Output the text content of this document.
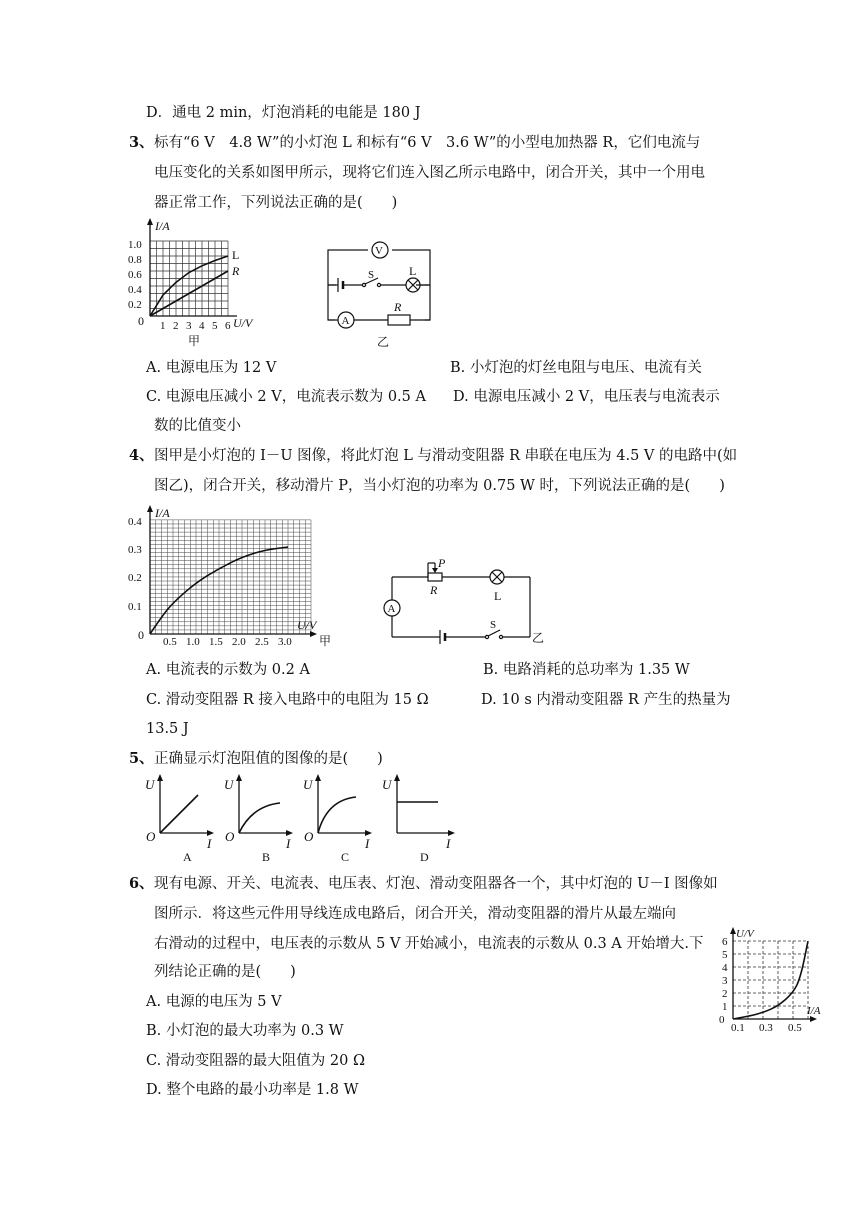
D．通电 2 min，灯泡消耗的电能是 180 J
3、 标有“6 V　4.8 W”的小灯泡 L 和标有“6 V　3.6 W”的小型电加热器 R，它们电流与
电压变化的关系如图甲所示，现将它们连入图乙所示电路中，闭合开关，其中一个用电
器正常工作，下列说法正确的是(　　)
I/A
U/V
0
0.2
0.4
0.6
0.8
1.0
1 2 3 4 5 6
L
R
甲
V
S	L
A
R
乙
A. 电源电压为 12 V	B. 小灯泡的灯丝电阻与电压、电流有关
C. 电源电压减小 2 V，电流表示数为 0.5 A D. 电源电压减小 2 V，电压表与电流表示
数的比值变小
4、 图甲是小灯泡的 I－U 图像，将此灯泡 L 与滑动变阻器 R 串联在电压为 4.5 V 的电路中(如
图乙)，闭合开关，移动滑片 P，当小灯泡的功率为 0.75 W 时，下列说法正确的是(　　)
I/A
U/V
0
0.1
0.2
0.3
0.4
0.5 1.0 1.5 2.0 2.5 3.0 甲
A
P
R	L
S
乙
A. 电流表的示数为 0.2 A	B. 电路消耗的总功率为 1.35 W
C. 滑动变阻器 R 接入电路中的电阻为 15 Ω	D. 10 s 内滑动变阻器 R 产生的热量为
13.5 J
5、 正确显示灯泡阻值的图像的是(　　)
U
I
O
A
U
I
O
B
U
I
O
C
U
I
D
6、 现有电源、开关、电流表、电压表、灯泡、滑动变阻器各一个，其中灯泡的 U－I 图像如
图所示．将这些元件用导线连成电路后，闭合开关，滑动变阻器的滑片从最左端向
右滑动的过程中，电压表的示数从 5 V 开始减小，电流表的示数从 0.3 A 开始增大.下
列结论正确的是(　　)
A. 电源的电压为 5 V
B. 小灯泡的最大功率为 0.3 W
C. 滑动变阻器的最大阻值为 20 Ω
D. 整个电路的最小功率是 1.8 W
U/V
I/A
0
1
2
3
4
5
6
0.1 0.3 0.5
